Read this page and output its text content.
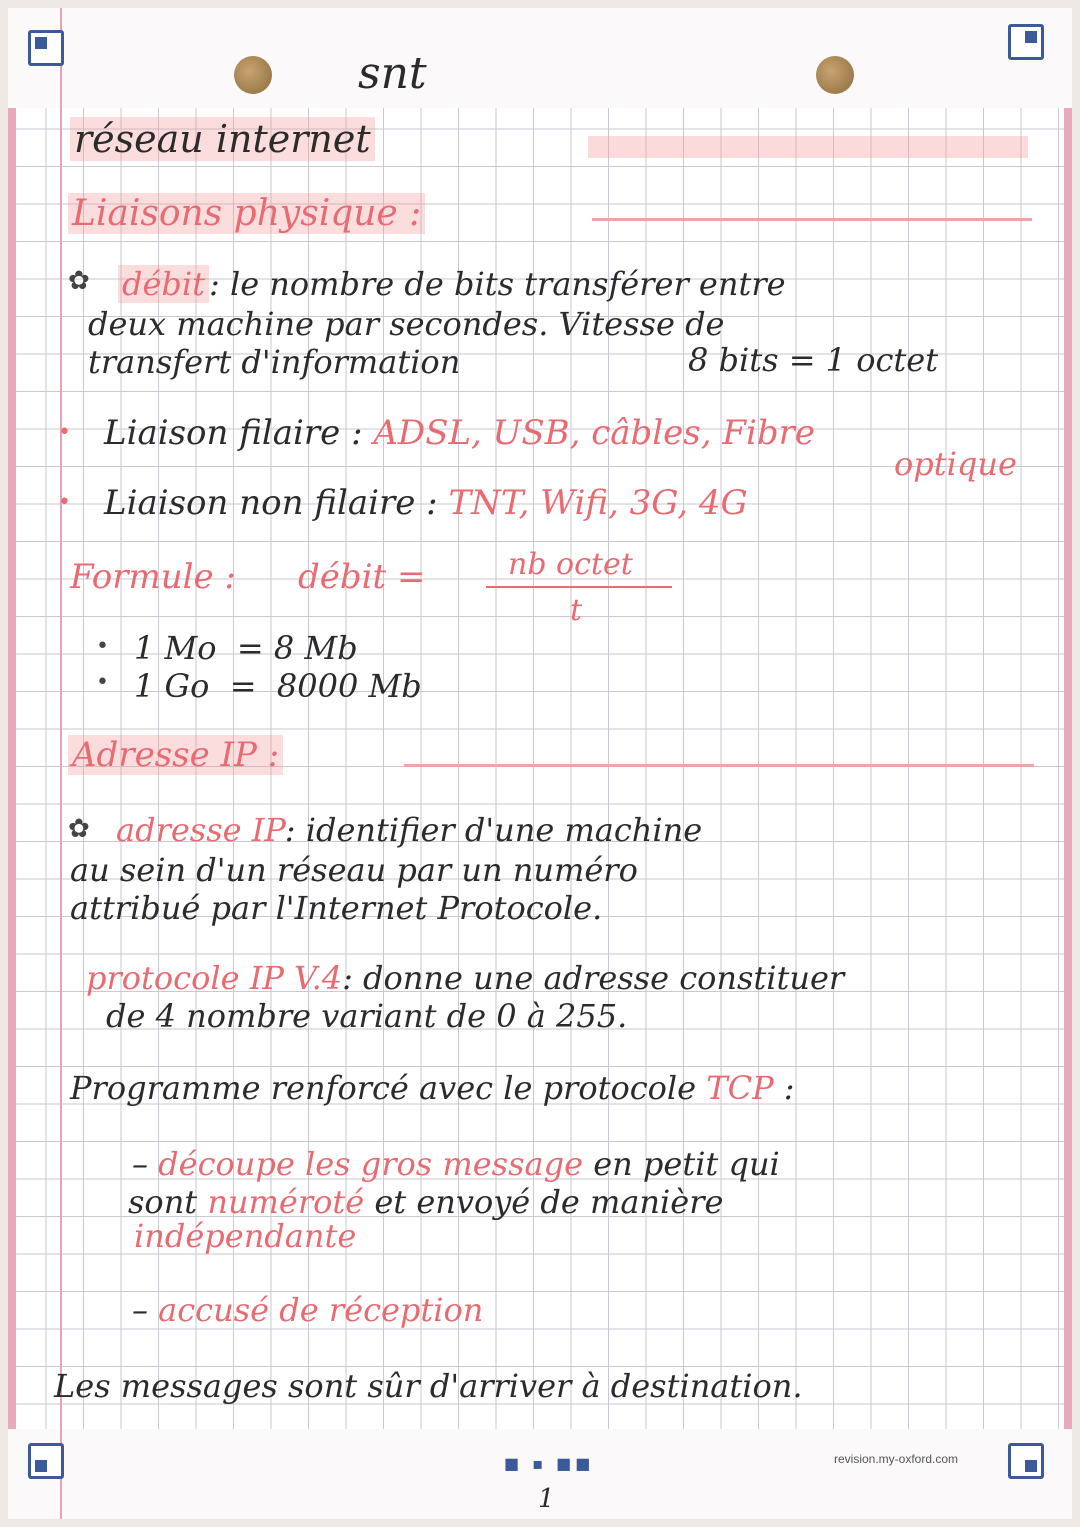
snt
réseau internet
Liaisons physique :
✿ débit : le nombre de bits transférer entre
deux machine par secondes. Vitesse de
transfert d'information	8 bits = 1 octet
• Liaison filaire : ADSL, USB, câbles, Fibre
optique
• Liaison non filaire : TNT, Wifi, 3G, 4G
Formule : débit =	nb octet
t
• 1 Mo = 8 Mb
• 1 Go = 8000 Mb
Adresse IP :
✿ adresse IP: identifier d'une machine
au sein d'un réseau par un numéro
attribué par l'Internet Protocole.
protocole IP V.4: donne une adresse constituer
de 4 nombre variant de 0 à 255.
Programme renforcé avec le protocole TCP :
– découpe les gros message en petit qui
sont numéroté et envoyé de manière
indépendante
– accusé de réception
Les messages sont sûr d'arriver à destination.
■ ▪ ■■
1
revision.my-oxford.com
